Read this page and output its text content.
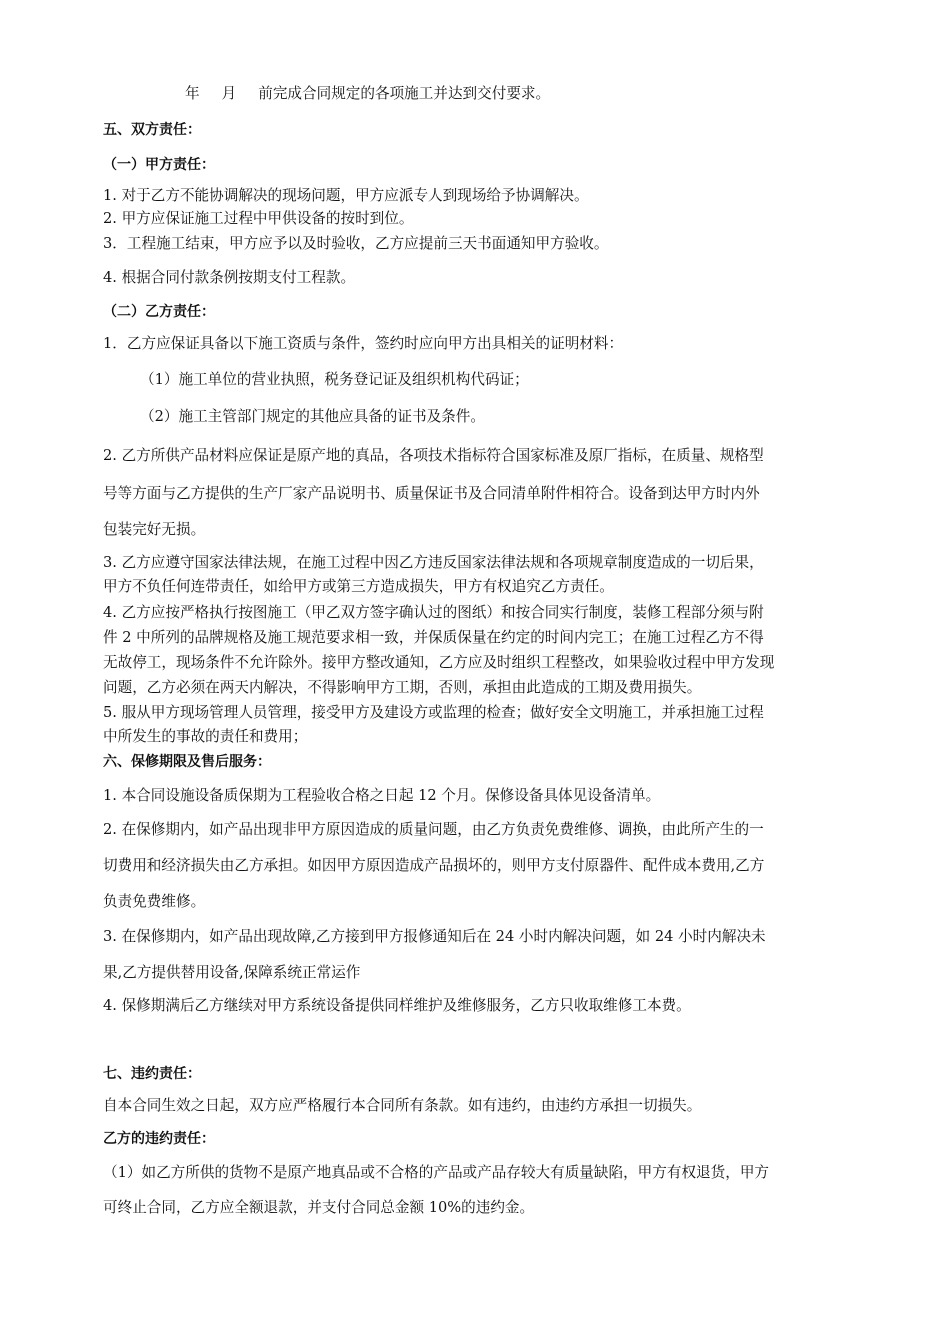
年 月 前完成合同规定的各项施工并达到交付要求。
五、双方责任：
（一）甲方责任：
1. 对于乙方不能协调解决的现场问题，甲方应派专人到现场给予协调解决。
2. 甲方应保证施工过程中甲供设备的按时到位。
3．工程施工结束，甲方应予以及时验收，乙方应提前三天书面通知甲方验收。
4. 根据合同付款条例按期支付工程款。
（二）乙方责任：
1．乙方应保证具备以下施工资质与条件，签约时应向甲方出具相关的证明材料：
（1）施工单位的营业执照，税务登记证及组织机构代码证；
（2）施工主管部门规定的其他应具备的证书及条件。
2. 乙方所供产品材料应保证是原产地的真品，各项技术指标符合国家标准及原厂指标，在质量、规格型
号等方面与乙方提供的生产厂家产品说明书、质量保证书及合同清单附件相符合。设备到达甲方时内外
包装完好无损。
3. 乙方应遵守国家法律法规，在施工过程中因乙方违反国家法律法规和各项规章制度造成的一切后果，
甲方不负任何连带责任，如给甲方或第三方造成损失，甲方有权追究乙方责任。
4. 乙方应按严格执行按图施工（甲乙双方签字确认过的图纸）和按合同实行制度，装修工程部分须与附
件 2 中所列的品牌规格及施工规范要求相一致，并保质保量在约定的时间内完工；在施工过程乙方不得
无故停工，现场条件不允许除外。接甲方整改通知，乙方应及时组织工程整改，如果验收过程中甲方发现
问题，乙方必须在两天内解决，不得影响甲方工期，否则，承担由此造成的工期及费用损失。
5. 服从甲方现场管理人员管理，接受甲方及建设方或监理的检查；做好安全文明施工，并承担施工过程
中所发生的事故的责任和费用；
六、保修期限及售后服务：
1. 本合同设施设备质保期为工程验收合格之日起 12 个月。保修设备具体见设备清单。
2. 在保修期内，如产品出现非甲方原因造成的质量问题，由乙方负责免费维修、调换，由此所产生的一
切费用和经济损失由乙方承担。如因甲方原因造成产品损坏的，则甲方支付原器件、配件成本费用,乙方
负责免费维修。
3. 在保修期内，如产品出现故障,乙方接到甲方报修通知后在 24 小时内解决问题，如 24 小时内解决未
果,乙方提供替用设备,保障系统正常运作
4. 保修期满后乙方继续对甲方系统设备提供同样维护及维修服务，乙方只收取维修工本费。
七、违约责任：
自本合同生效之日起，双方应严格履行本合同所有条款。如有违约，由违约方承担一切损失。
乙方的违约责任：
（1）如乙方所供的货物不是原产地真品或不合格的产品或产品存较大有质量缺陷，甲方有权退货，甲方
可终止合同，乙方应全额退款，并支付合同总金额 10%的违约金。
